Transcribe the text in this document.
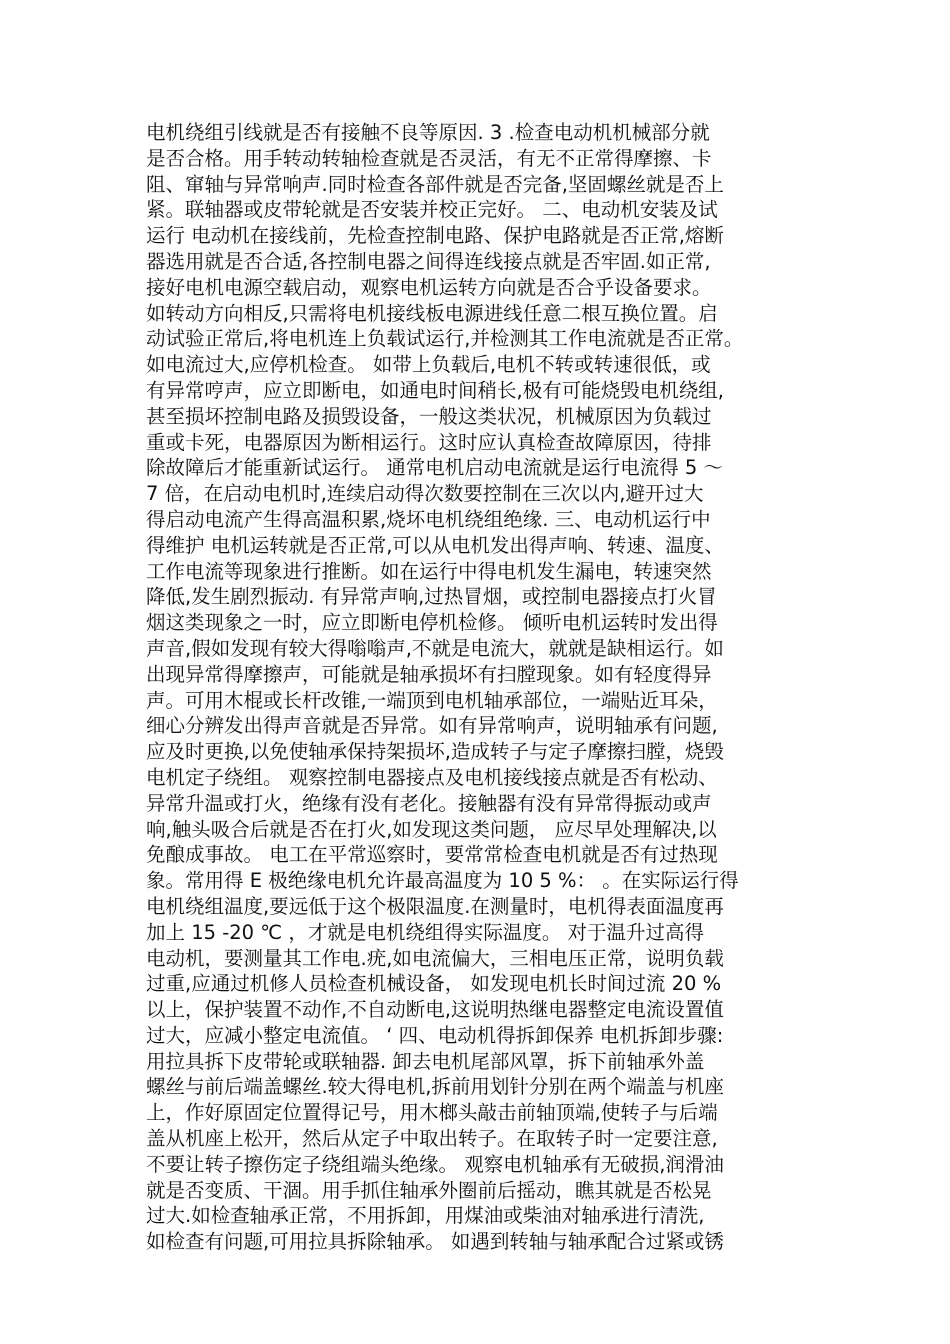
电机绕组引线就是否有接触不良等原因. 3 .检查电动机机械部分就
是否合格。用手转动转轴检查就是否灵活，有无不正常得摩擦、卡
阻、窜轴与异常响声.同时检查各部件就是否完备,坚固螺丝就是否上
紧。联轴器或皮带轮就是否安装并校正完好。 二、电动机安装及试
运行 电动机在接线前，先检查控制电路、保护电路就是否正常,熔断
器选用就是否合适,各控制电器之间得连线接点就是否牢固.如正常,
接好电机电源空载启动，观察电机运转方向就是否合乎设备要求。
如转动方向相反,只需将电机接线板电源进线任意二根互换位置。启
动试验正常后,将电机连上负载试运行,并检测其工作电流就是否正常。
如电流过大,应停机检查。 如带上负载后,电机不转或转速很低，或
有异常哼声，应立即断电，如通电时间稍长,极有可能烧毁电机绕组,
甚至损坏控制电路及损毁设备，一般这类状况，机械原因为负载过
重或卡死，电器原因为断相运行。这时应认真检查故障原因，待排
除故障后才能重新试运行。 通常电机启动电流就是运行电流得 5 ～
7 倍，在启动电机时,连续启动得次数要控制在三次以内,避开过大
得启动电流产生得高温积累,烧坏电机绕组绝缘. 三、电动机运行中
得维护 电机运转就是否正常,可以从电机发出得声响、转速、温度、
工作电流等现象进行推断。如在运行中得电机发生漏电，转速突然
降低,发生剧烈振动. 有异常声响,过热冒烟，或控制电器接点打火冒
烟这类现象之一时，应立即断电停机检修。 倾听电机运转时发出得
声音,假如发现有较大得嗡嗡声,不就是电流大，就就是缺相运行。如
出现异常得摩擦声，可能就是轴承损坏有扫膛现象。如有轻度得异
声。可用木棍或长杆改锥,一端顶到电机轴承部位，一端贴近耳朵，
细心分辨发出得声音就是否异常。如有异常响声，说明轴承有问题,
应及时更换,以免使轴承保持架损坏,造成转子与定子摩擦扫膛，烧毁
电机定子绕组。 观察控制电器接点及电机接线接点就是否有松动、
异常升温或打火，绝缘有没有老化。接触器有没有异常得振动或声
响,触头吸合后就是否在打火,如发现这类问题， 应尽早处理解决,以
免酿成事故。 电工在平常巡察时，要常常检查电机就是否有过热现
象。常用得 E 极绝缘电机允许最高温度为 10 5 %： 。在实际运行得
电机绕组温度,要远低于这个极限温度.在测量时，电机得表面温度再
加上 15 -20 ℃ ，才就是电机绕组得实际温度。 对于温升过高得
电动机，要测量其工作电.疣,如电流偏大，三相电压正常，说明负载
过重,应通过机修人员检查机械设备， 如发现电机长时间过流 20 %
以上，保护装置不动作,不自动断电,这说明热继电器整定电流设置值
过大，应减小整定电流值。 ‘ 四、电动机得拆卸保养 电机拆卸步骤:
用拉具拆下皮带轮或联轴器. 卸去电机尾部风罩，拆下前轴承外盖
螺丝与前后端盖螺丝.较大得电机,拆前用划针分别在两个端盖与机座
上，作好原固定位置得记号，用木榔头敲击前轴顶端,使转子与后端
盖从机座上松开，然后从定子中取出转子。在取转子时一定要注意,
不要让转子擦伤定子绕组端头绝缘。 观察电机轴承有无破损,润滑油
就是否变质、干涸。用手抓住轴承外圈前后摇动，瞧其就是否松晃
过大.如检查轴承正常，不用拆卸，用煤油或柴油对轴承进行清洗,
如检查有问题,可用拉具拆除轴承。 如遇到转轴与轴承配合过紧或锈
